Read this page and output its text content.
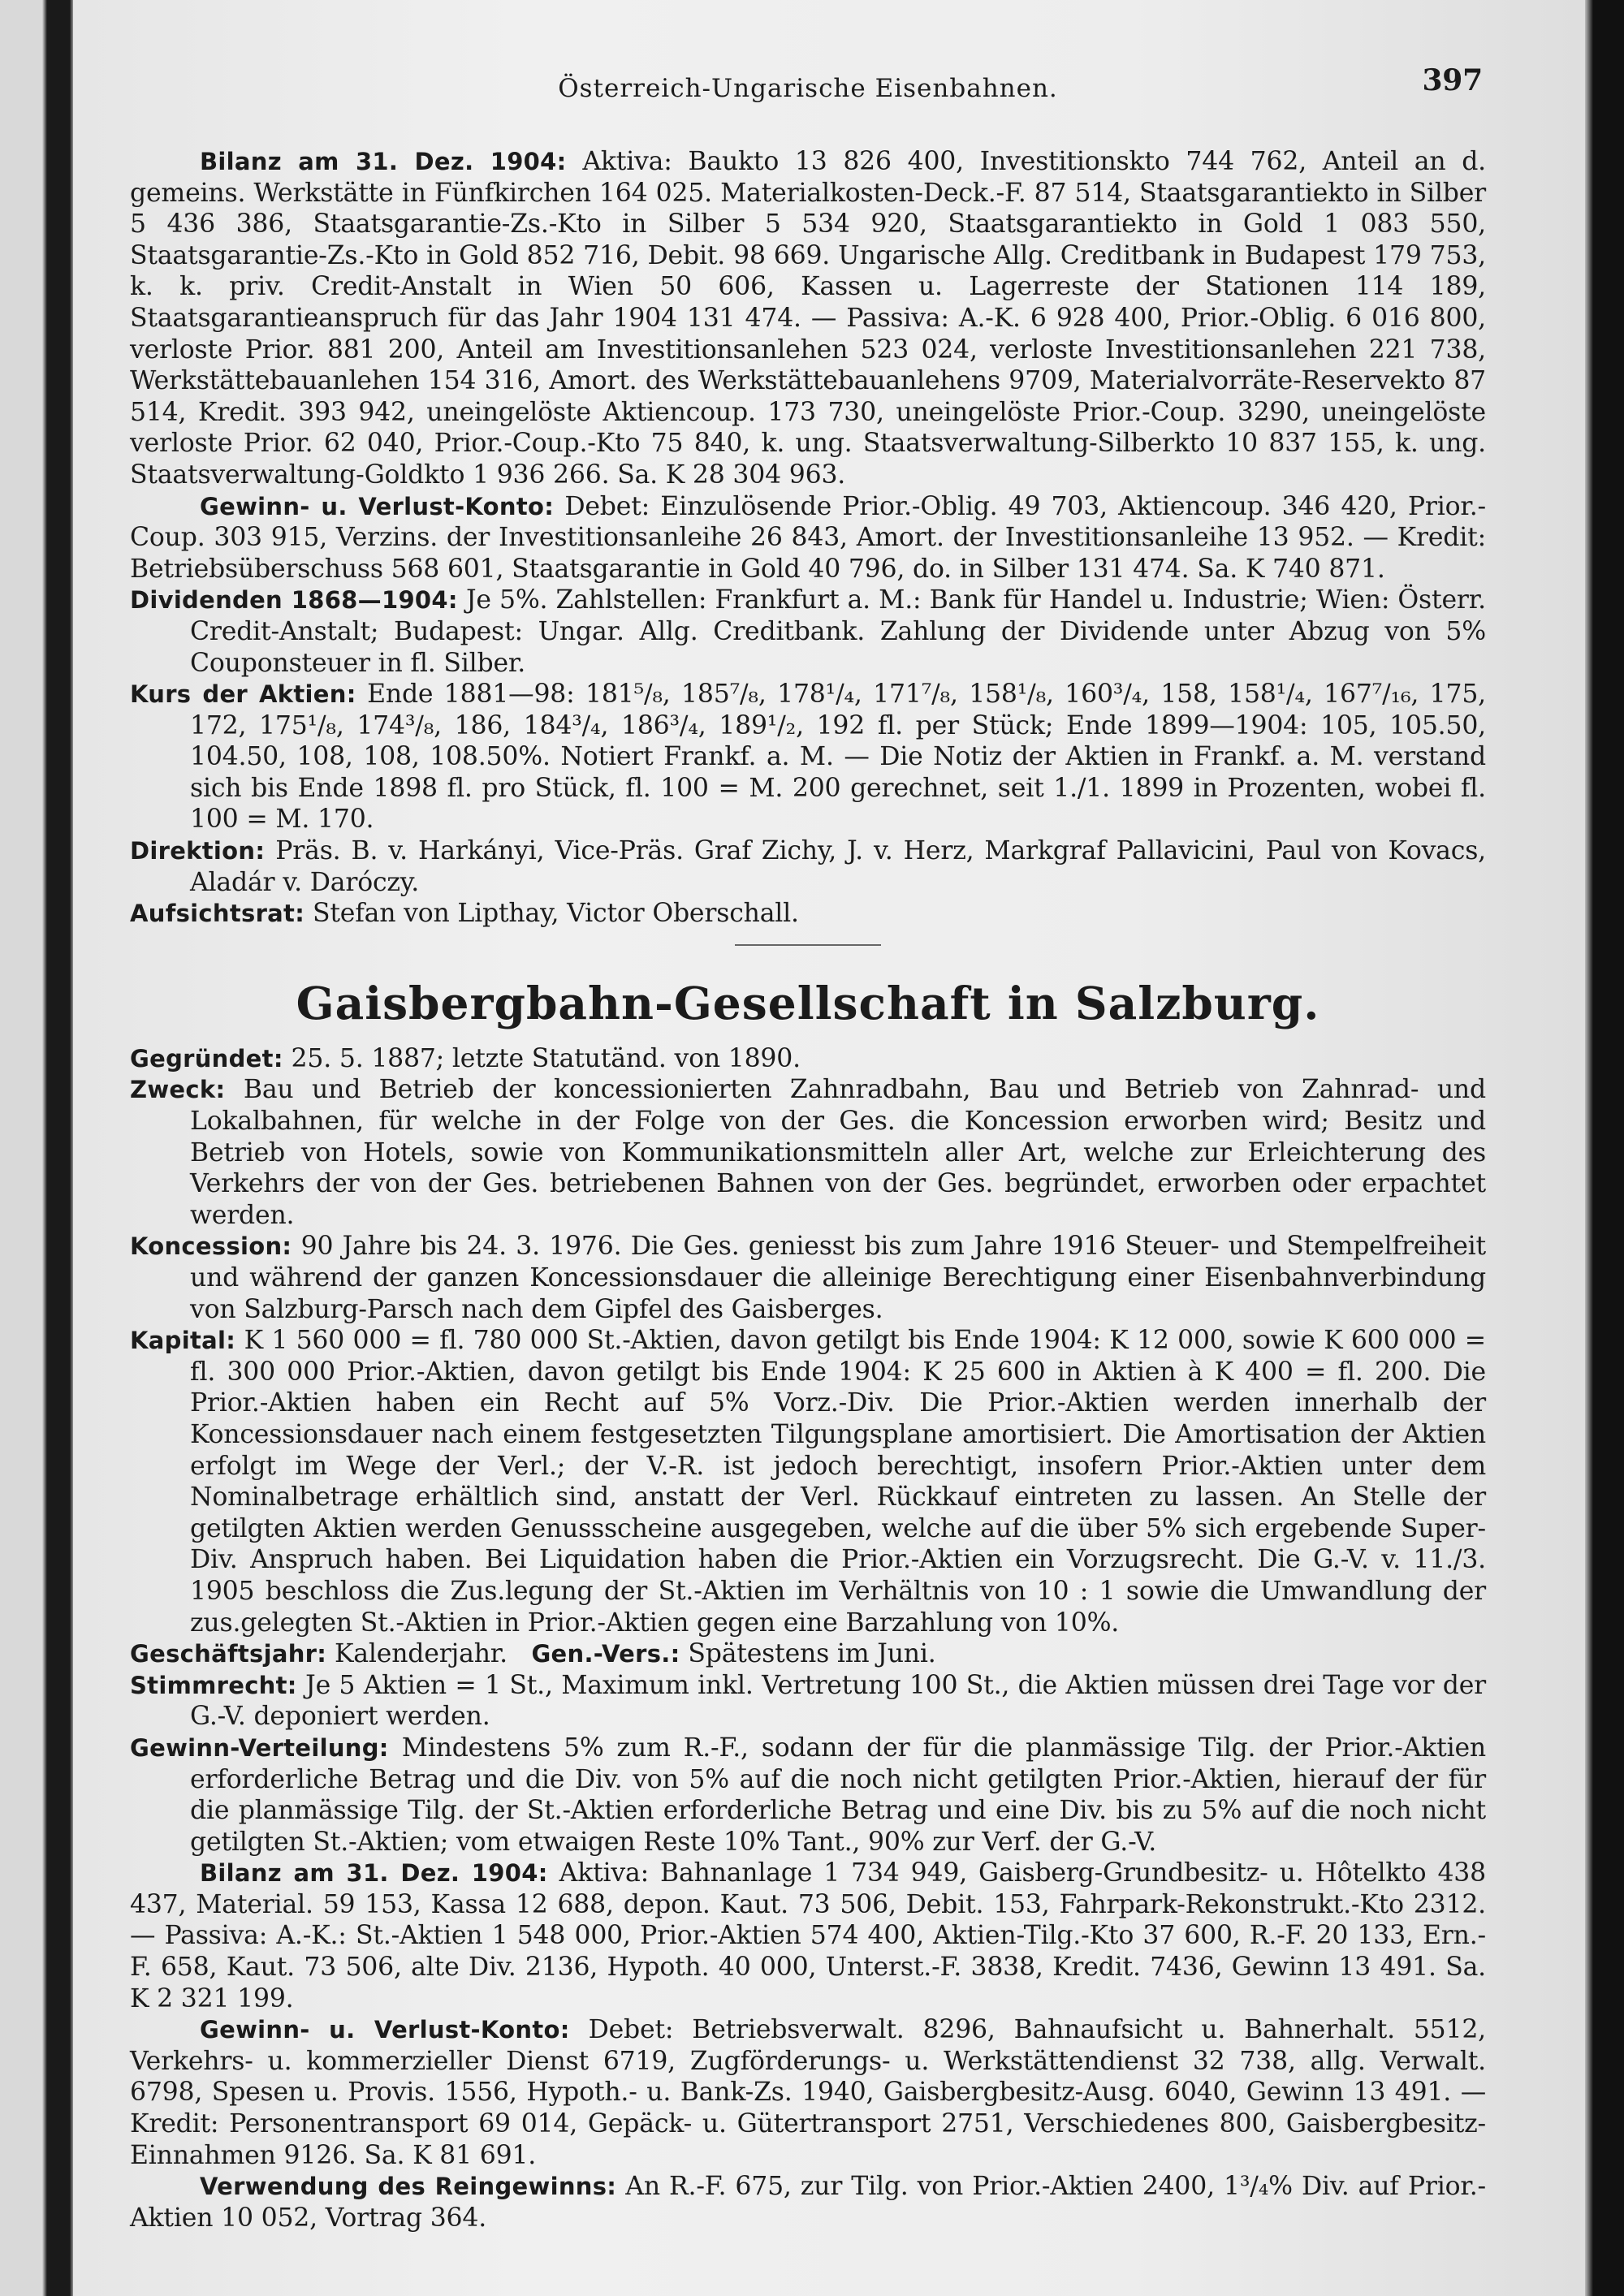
Österreich-Ungarische Eisenbahnen.	397

Bilanz am 31. Dez. 1904: Aktiva: Baukto 13 826 400, Investitionskto 744 762, Anteil an d. gemeins. Werkstätte in Fünfkirchen 164 025. Materialkosten-Deck.-F. 87 514, Staatsgarantiekto in Silber 5 436 386, Staatsgarantie-Zs.-Kto in Silber 5 534 920, Staatsgarantiekto in Gold 1 083 550, Staatsgarantie-Zs.-Kto in Gold 852 716, Debit. 98 669. Ungarische Allg. Creditbank in Budapest 179 753, k. k. priv. Credit-Anstalt in Wien 50 606, Kassen u. Lagerreste der Stationen 114 189, Staatsgarantieanspruch für das Jahr 1904 131 474. — Passiva: A.-K. 6 928 400, Prior.-Oblig. 6 016 800, verloste Prior. 881 200, Anteil am Investitionsanlehen 523 024, verloste Investitionsanlehen 221 738, Werkstättebauanlehen 154 316, Amort. des Werkstättebauanlehens 9709, Materialvorräte-Reservekto 87 514, Kredit. 393 942, uneingelöste Aktiencoup. 173 730, uneingelöste Prior.-Coup. 3290, uneingelöste verloste Prior. 62 040, Prior.-Coup.-Kto 75 840, k. ung. Staatsverwaltung-Silberkto 10 837 155, k. ung. Staatsverwaltung-Goldkto 1 936 266. Sa. K 28 304 963.

Gewinn- u. Verlust-Konto: Debet: Einzulösende Prior.-Oblig. 49 703, Aktiencoup. 346 420, Prior.-Coup. 303 915, Verzins. der Investitionsanleihe 26 843, Amort. der Investitionsanleihe 13 952. — Kredit: Betriebsüberschuss 568 601, Staatsgarantie in Gold 40 796, do. in Silber 131 474. Sa. K 740 871.

Dividenden 1868—1904: Je 5%. Zahlstellen: Frankfurt a. M.: Bank für Handel u. Industrie; Wien: Österr. Credit-Anstalt; Budapest: Ungar. Allg. Creditbank. Zahlung der Dividende unter Abzug von 5% Couponsteuer in fl. Silber.

Kurs der Aktien: Ende 1881—98: 181⁵/₈, 185⁷/₈, 178¹/₄, 171⁷/₈, 158¹/₈, 160³/₄, 158, 158¹/₄, 167⁷/₁₆, 175, 172, 175¹/₈, 174³/₈, 186, 184³/₄, 186³/₄, 189¹/₂, 192 fl. per Stück; Ende 1899—1904: 105, 105.50, 104.50, 108, 108, 108.50%. Notiert Frankf. a. M. — Die Notiz der Aktien in Frankf. a. M. verstand sich bis Ende 1898 fl. pro Stück, fl. 100 = M. 200 gerechnet, seit 1./1. 1899 in Prozenten, wobei fl. 100 = M. 170.

Direktion: Präs. B. v. Harkányi, Vice-Präs. Graf Zichy, J. v. Herz, Markgraf Pallavicini, Paul von Kovacs, Aladár v. Daróczy.

Aufsichtsrat: Stefan von Lipthay, Victor Oberschall.

Gaisbergbahn-Gesellschaft in Salzburg.

Gegründet: 25. 5. 1887; letzte Statutänd. von 1890.

Zweck: Bau und Betrieb der koncessionierten Zahnradbahn, Bau und Betrieb von Zahnrad- und Lokalbahnen, für welche in der Folge von der Ges. die Koncession erworben wird; Besitz und Betrieb von Hotels, sowie von Kommunikationsmitteln aller Art, welche zur Erleichterung des Verkehrs der von der Ges. betriebenen Bahnen von der Ges. begründet, erworben oder erpachtet werden.

Koncession: 90 Jahre bis 24. 3. 1976. Die Ges. geniesst bis zum Jahre 1916 Steuer- und Stempelfreiheit und während der ganzen Koncessionsdauer die alleinige Berechtigung einer Eisenbahnverbindung von Salzburg-Parsch nach dem Gipfel des Gaisberges.

Kapital: K 1 560 000 = fl. 780 000 St.-Aktien, davon getilgt bis Ende 1904: K 12 000, sowie K 600 000 = fl. 300 000 Prior.-Aktien, davon getilgt bis Ende 1904: K 25 600 in Aktien à K 400 = fl. 200. Die Prior.-Aktien haben ein Recht auf 5% Vorz.-Div. Die Prior.-Aktien werden innerhalb der Koncessionsdauer nach einem festgesetzten Tilgungsplane amortisiert. Die Amortisation der Aktien erfolgt im Wege der Verl.; der V.-R. ist jedoch berechtigt, insofern Prior.-Aktien unter dem Nominalbetrage erhältlich sind, anstatt der Verl. Rückkauf eintreten zu lassen. An Stelle der getilgten Aktien werden Genussscheine ausgegeben, welche auf die über 5% sich ergebende Super-Div. Anspruch haben. Bei Liquidation haben die Prior.-Aktien ein Vorzugsrecht. Die G.-V. v. 11./3. 1905 beschloss die Zus.legung der St.-Aktien im Verhältnis von 10 : 1 sowie die Umwandlung der zus.gelegten St.-Aktien in Prior.-Aktien gegen eine Barzahlung von 10%.

Geschäftsjahr: Kalenderjahr. Gen.-Vers.: Spätestens im Juni.

Stimmrecht: Je 5 Aktien = 1 St., Maximum inkl. Vertretung 100 St., die Aktien müssen drei Tage vor der G.-V. deponiert werden.

Gewinn-Verteilung: Mindestens 5% zum R.-F., sodann der für die planmässige Tilg. der Prior.-Aktien erforderliche Betrag und die Div. von 5% auf die noch nicht getilgten Prior.-Aktien, hierauf der für die planmässige Tilg. der St.-Aktien erforderliche Betrag und eine Div. bis zu 5% auf die noch nicht getilgten St.-Aktien; vom etwaigen Reste 10% Tant., 90% zur Verf. der G.-V.

Bilanz am 31. Dez. 1904: Aktiva: Bahnanlage 1 734 949, Gaisberg-Grundbesitz- u. Hôtelkto 438 437, Material. 59 153, Kassa 12 688, depon. Kaut. 73 506, Debit. 153, Fahrpark-Rekonstrukt.-Kto 2312. — Passiva: A.-K.: St.-Aktien 1 548 000, Prior.-Aktien 574 400, Aktien-Tilg.-Kto 37 600, R.-F. 20 133, Ern.-F. 658, Kaut. 73 506, alte Div. 2136, Hypoth. 40 000, Unterst.-F. 3838, Kredit. 7436, Gewinn 13 491. Sa. K 2 321 199.

Gewinn- u. Verlust-Konto: Debet: Betriebsverwalt. 8296, Bahnaufsicht u. Bahnerhalt. 5512, Verkehrs- u. kommerzieller Dienst 6719, Zugförderungs- u. Werkstättendienst 32 738, allg. Verwalt. 6798, Spesen u. Provis. 1556, Hypoth.- u. Bank-Zs. 1940, Gaisbergbesitz-Ausg. 6040, Gewinn 13 491. — Kredit: Personentransport 69 014, Gepäck- u. Gütertransport 2751, Verschiedenes 800, Gaisbergbesitz-Einnahmen 9126. Sa. K 81 691.

Verwendung des Reingewinns: An R.-F. 675, zur Tilg. von Prior.-Aktien 2400, 1³/₄% Div. auf Prior.-Aktien 10 052, Vortrag 364.
